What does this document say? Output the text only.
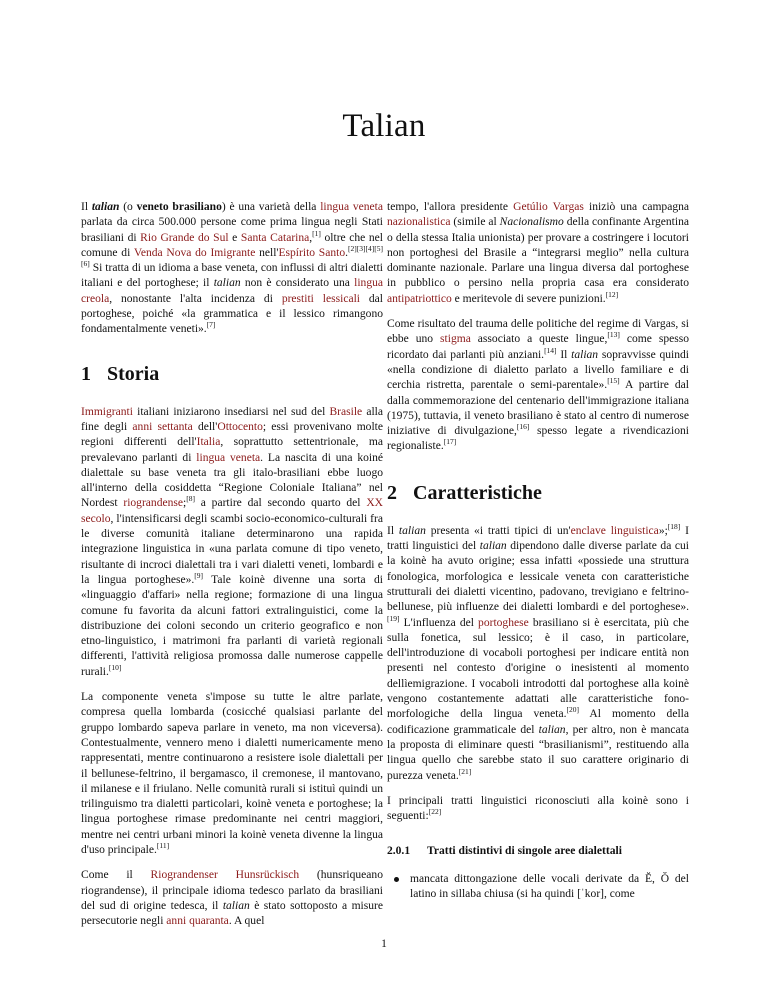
Talian

Il talian (o veneto brasiliano) è una varietà della lingua veneta parlata da circa 500.000 persone come prima lingua negli Stati brasiliani di Rio Grande do Sul e Santa Catarina,[1] oltre che nel comune di Venda Nova do Imigrante nell'Espírito Santo.[2][3][4][5][6] Si tratta di un idioma a base veneta, con influssi di altri dialetti italiani e del portoghese; il talian non è considerato una lingua creola, nonostante l'alta incidenza di prestiti lessicali dal portoghese, poiché «la grammatica e il lessico rimangono fondamentalmente veneti».[7]

1 Storia

Immigranti italiani iniziarono insediarsi nel sud del Brasile alla fine degli anni settanta dell'Ottocento; essi provenivano molte regioni differenti dell'Italia, soprattutto settentrionale, ma prevalevano parlanti di lingua veneta. La nascita di una koiné dialettale su base veneta tra gli italo-brasiliani ebbe luogo all'interno della cosiddetta “Regione Coloniale Italiana” nel Nordest riograndense;[8] a partire dal secondo quarto del XX secolo, l'intensificarsi degli scambi socio-economico-culturali fra le diverse comunità italiane determinarono una rapida integrazione linguistica in «una parlata comune di tipo veneto, risultante di incroci dialettali tra i vari dialetti veneti, lombardi e la lingua portoghese».[9] Tale koinè divenne una sorta di «linguaggio d'affari» nella regione; formazione di una lingua comune fu favorita da alcuni fattori extralinguistici, come la distribuzione dei coloni secondo un criterio geografico e non etno-linguistico, i matrimoni fra parlanti di varietà regionali differenti, l'attività religiosa promossa dalle numerose cappelle rurali.[10]

La componente veneta s'impose su tutte le altre parlate, compresa quella lombarda (cosicché qualsiasi parlante del gruppo lombardo sapeva parlare in veneto, ma non viceversa). Contestualmente, vennero meno i dialetti numericamente meno rappresentati, mentre continuarono a resistere isole dialettali per il bellunese-feltrino, il bergamasco, il cremonese, il mantovano, il milanese e il friulano. Nelle comunità rurali si istituì quindi un trilinguismo tra dialetti particolari, koinè veneta e portoghese; la lingua portoghese rimase predominante nei centri maggiori, mentre nei centri urbani minori la koinè veneta divenne la lingua d'uso principale.[11]

Come il Riograndenser Hunsrückisch (hunsriqueano riograndense), il principale idioma tedesco parlato da brasiliani del sud di origine tedesca, il talian è stato sottoposto a misure persecutorie negli anni quaranta. A quel

tempo, l'allora presidente Getúlio Vargas iniziò una campagna nazionalistica (simile al Nacionalismo della confinante Argentina o della stessa Italia unionista) per provare a costringere i locutori non portoghesi del Brasile a “integrarsi meglio” nella cultura dominante nazionale. Parlare una lingua diversa dal portoghese in pubblico o persino nella propria casa era considerato antipatriottico e meritevole di severe punizioni.[12]

Come risultato del trauma delle politiche del regime di Vargas, si ebbe uno stigma associato a queste lingue,[13] come spesso ricordato dai parlanti più anziani.[14] Il talian sopravvisse quindi «nella condizione di dialetto parlato a livello familiare e di cerchia ristretta, parentale o semi-parentale».[15] A partire dal dalla commemorazione del centenario dell'immigrazione italiana (1975), tuttavia, il veneto brasiliano è stato al centro di numerose iniziative di divulgazione,[16] spesso legate a rivendicazioni regionaliste.[17]

2 Caratteristiche

Il talian presenta «i tratti tipici di un'enclave linguistica»;[18] I tratti linguistici del talian dipendono dalle diverse parlate da cui la koinè ha avuto origine; essa infatti «possiede una struttura fonologica, morfologica e lessicale veneta con caratteristiche strutturali dei dialetti vicentino, padovano, trevigiano e feltrino-bellunese, più influenze dei dialetti lombardi e del portoghese».[19] L'influenza del portoghese brasiliano si è esercitata, più che sulla fonetica, sul lessico; è il caso, in particolare, dell'introduzione di vocaboli portoghesi per indicare entità non presenti nel contesto d'origine o inesistenti al momento dellìemigrazione. I vocaboli introdotti dal portoghese alla koinè vengono costantemente adattati alle caratteristiche fono-morfologiche della lingua veneta.[20] Al momento della codificazione grammaticale del talian, per altro, non è mancata la proposta di eliminare questi “brasilianismi”, restituendo alla lingua quello che sarebbe stato il suo carattere originario di purezza veneta.[21]

I principali tratti linguistici riconosciuti alla koinè sono i seguenti:[22]

2.0.1 Tratti distintivi di singole aree dialettali
mancata dittongazione delle vocali derivate da Ĕ, Ŏ del latino in sillaba chiusa (si ha quindi [ˈkor], come
1
